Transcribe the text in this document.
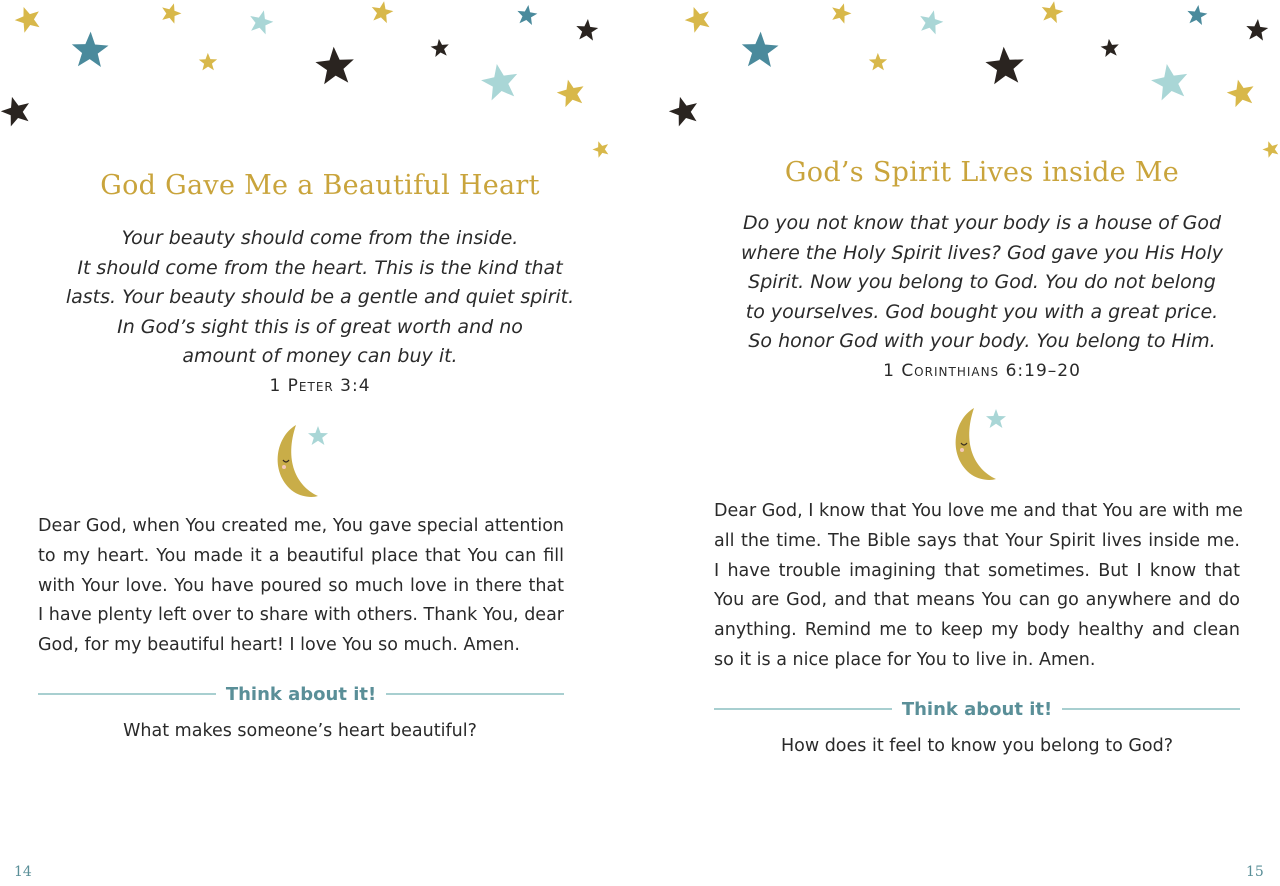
God Gave Me a Beautiful Heart
Your beauty should come from the inside.
It should come from the heart. This is the kind that
lasts. Your beauty should be a gentle and quiet spirit.
In God’s sight this is of great worth and no
amount of money can buy it.
1 Peter 3:4
Dear God, when You created me, You gave special attention
to my heart. You made it a beautiful place that You can fill
with Your love. You have poured so much love in there that
I have plenty left over to share with others. Thank You, dear
God, for my beautiful heart! I love You so much. Amen.
Think about it!
What makes someone’s heart beautiful?
14
God’s Spirit Lives inside Me
Do you not know that your body is a house of God
where the Holy Spirit lives? God gave you His Holy
Spirit. Now you belong to God. You do not belong
to yourselves. God bought you with a great price.
So honor God with your body. You belong to Him.
1 Corinthians 6:19–20
Dear God, I know that You love me and that You are with me
all the time. The Bible says that Your Spirit lives inside me.
I have trouble imagining that sometimes. But I know that
You are God, and that means You can go anywhere and do
anything. Remind me to keep my body healthy and clean
so it is a nice place for You to live in. Amen.
Think about it!
How does it feel to know you belong to God?
15
